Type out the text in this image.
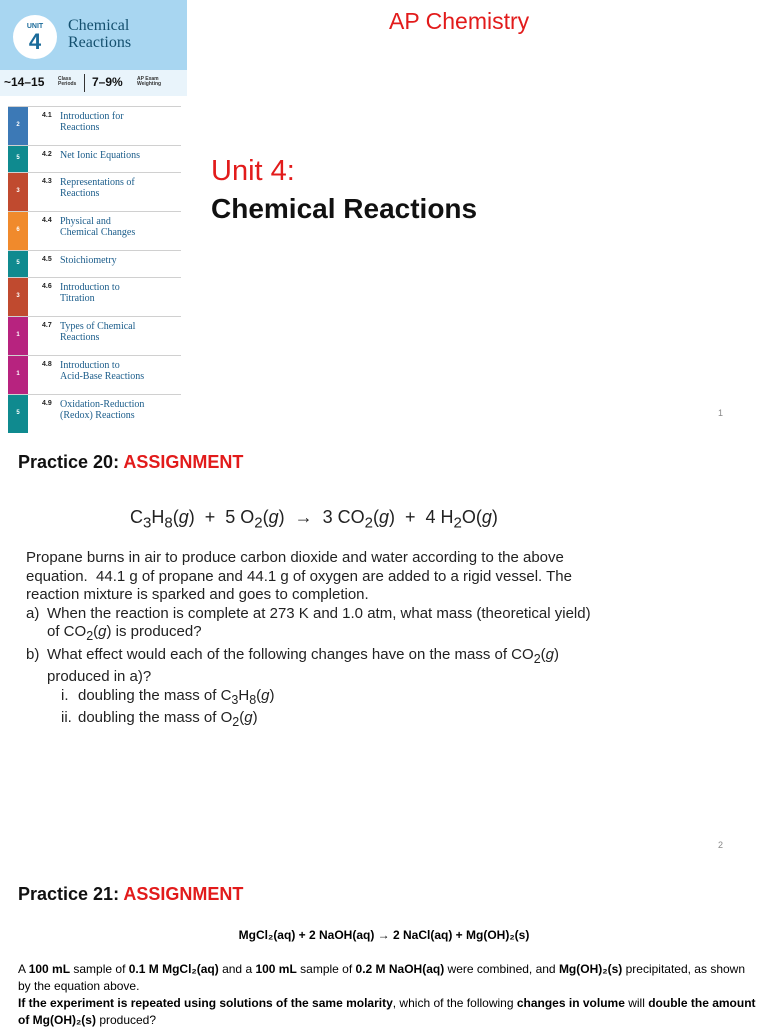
UNIT
4
Chemical
Reactions
~14–15	Class
Periods 7–9%	AP Exam
Weighting
2
4.1 Introduction for
Reactions
5	4.2 Net Ionic Equations
3
4.3 Representations of
Reactions
6
4.4 Physical and
Chemical Changes
5	4.5 Stoichiometry
3
4.6 Introduction to
Titration
1
4.7 Types of Chemical
Reactions
1
4.8 Introduction to
Acid-Base Reactions
5
4.9 Oxidation-Reduction
(Redox) Reactions
AP Chemistry
Unit 4:
Chemical Reactions
1
Practice 20: ASSIGNMENT
$C_3H_8(g) + 5$ $O_2(g) \to 3$ $CO_2(g) + 4$ $H_2O(g)$

Propane burns in air to produce carbon dioxide and water according to the above equation.  44.1 g of propane and 44.1 g of oxygen are added to a rigid vessel. The reaction mixture is sparked and goes to completion.

a) When the reaction is complete at 273 K and 1.0 atm, what mass (theoretical yield) of $CO_2(g)$ is produced?

b) What effect would each of the following changes have on the mass of $CO_2(g)$ produced in a)?

i. doubling the mass of $C_3H_8(g)$

ii. doubling the mass of $O_2(g)$

2
Practice 21: ASSIGNMENT
MgCl₂(aq) + 2 NaOH(aq) → 2 NaCl(aq) + Mg(OH)₂(s)

A 100 mL sample of 0.1 M MgCl₂(aq) and a 100 mL sample of 0.2 M NaOH(aq) were combined, and Mg(OH)₂(s) precipitated, as shown by the equation above.

If the experiment is repeated using solutions of the same molarity, which of the following changes in volume will double the amount of Mg(OH)₂(s) produced?
